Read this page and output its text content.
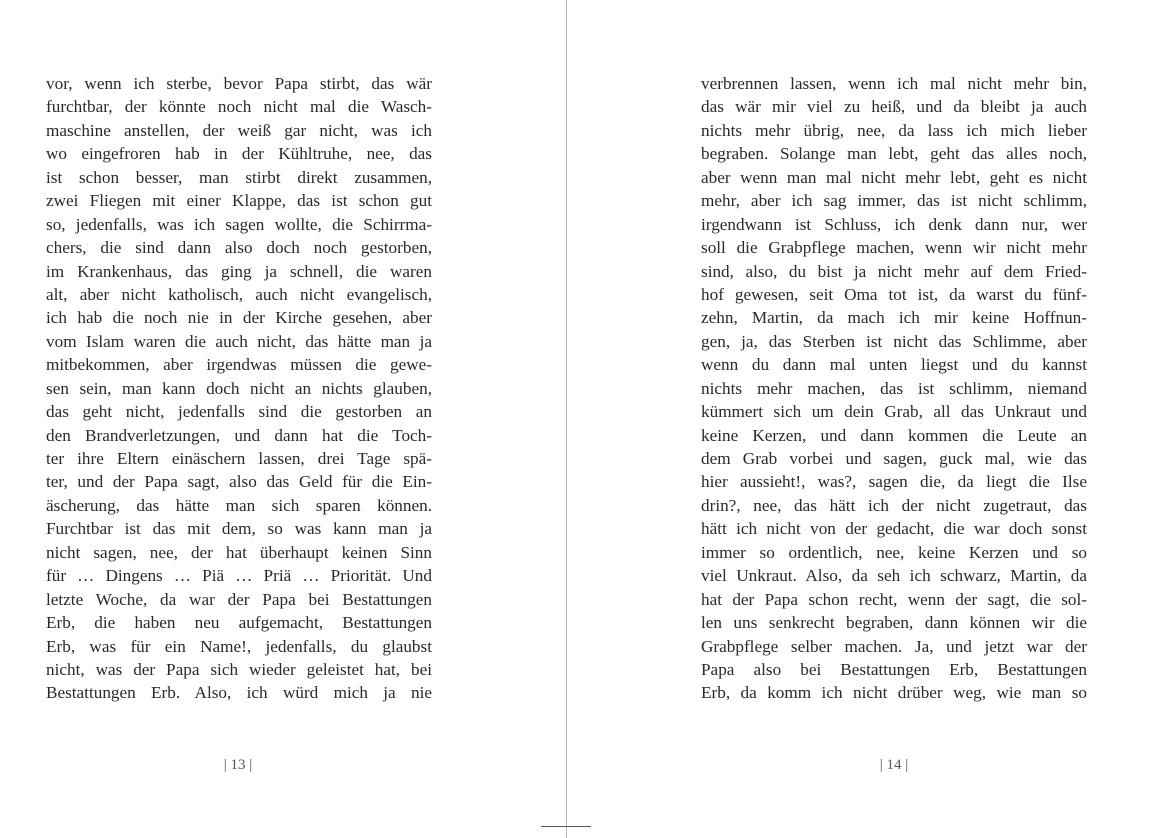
vor, wenn ich sterbe, bevor Papa stirbt, das wär
furchtbar, der könnte noch nicht mal die Wasch-
maschine anstellen, der weiß gar nicht, was ich
wo eingefroren hab in der Kühltruhe, nee, das
ist schon besser, man stirbt direkt zusammen,
zwei Fliegen mit einer Klappe, das ist schon gut
so, jedenfalls, was ich sagen wollte, die Schirrma-
chers, die sind dann also doch noch gestorben,
im Krankenhaus, das ging ja schnell, die waren
alt, aber nicht katholisch, auch nicht evangelisch,
ich hab die noch nie in der Kirche gesehen, aber
vom Islam waren die auch nicht, das hätte man ja
mitbekommen, aber irgendwas müssen die gewe-
sen sein, man kann doch nicht an nichts glauben,
das geht nicht, jedenfalls sind die gestorben an
den Brandverletzungen, und dann hat die Toch-
ter ihre Eltern einäschern lassen, drei Tage spä-
ter, und der Papa sagt, also das Geld für die Ein-
äscherung, das hätte man sich sparen können.
Furchtbar ist das mit dem, so was kann man ja
nicht sagen, nee, der hat überhaupt keinen Sinn
für … Dingens … Piä … Priä … Priorität. Und
letzte Woche, da war der Papa bei Bestattungen
Erb, die haben neu aufgemacht, Bestattungen
Erb, was für ein Name!, jedenfalls, du glaubst
nicht, was der Papa sich wieder geleistet hat, bei
Bestattungen Erb. Also, ich würd mich ja nie
verbrennen lassen, wenn ich mal nicht mehr bin,
das wär mir viel zu heiß, und da bleibt ja auch
nichts mehr übrig, nee, da lass ich mich lieber
begraben. Solange man lebt, geht das alles noch,
aber wenn man mal nicht mehr lebt, geht es nicht
mehr, aber ich sag immer, das ist nicht schlimm,
irgendwann ist Schluss, ich denk dann nur, wer
soll die Grabpflege machen, wenn wir nicht mehr
sind, also, du bist ja nicht mehr auf dem Fried-
hof gewesen, seit Oma tot ist, da warst du fünf-
zehn, Martin, da mach ich mir keine Hoffnun-
gen, ja, das Sterben ist nicht das Schlimme, aber
wenn du dann mal unten liegst und du kannst
nichts mehr machen, das ist schlimm, niemand
kümmert sich um dein Grab, all das Unkraut und
keine Kerzen, und dann kommen die Leute an
dem Grab vorbei und sagen, guck mal, wie das
hier aussieht!, was?, sagen die, da liegt die Ilse
drin?, nee, das hätt ich der nicht zugetraut, das
hätt ich nicht von der gedacht, die war doch sonst
immer so ordentlich, nee, keine Kerzen und so
viel Unkraut. Also, da seh ich schwarz, Martin, da
hat der Papa schon recht, wenn der sagt, die sol-
len uns senkrecht begraben, dann können wir die
Grabpflege selber machen. Ja, und jetzt war der
Papa also bei Bestattungen Erb, Bestattungen
Erb, da komm ich nicht drüber weg, wie man so
| 13 |	| 14 |
